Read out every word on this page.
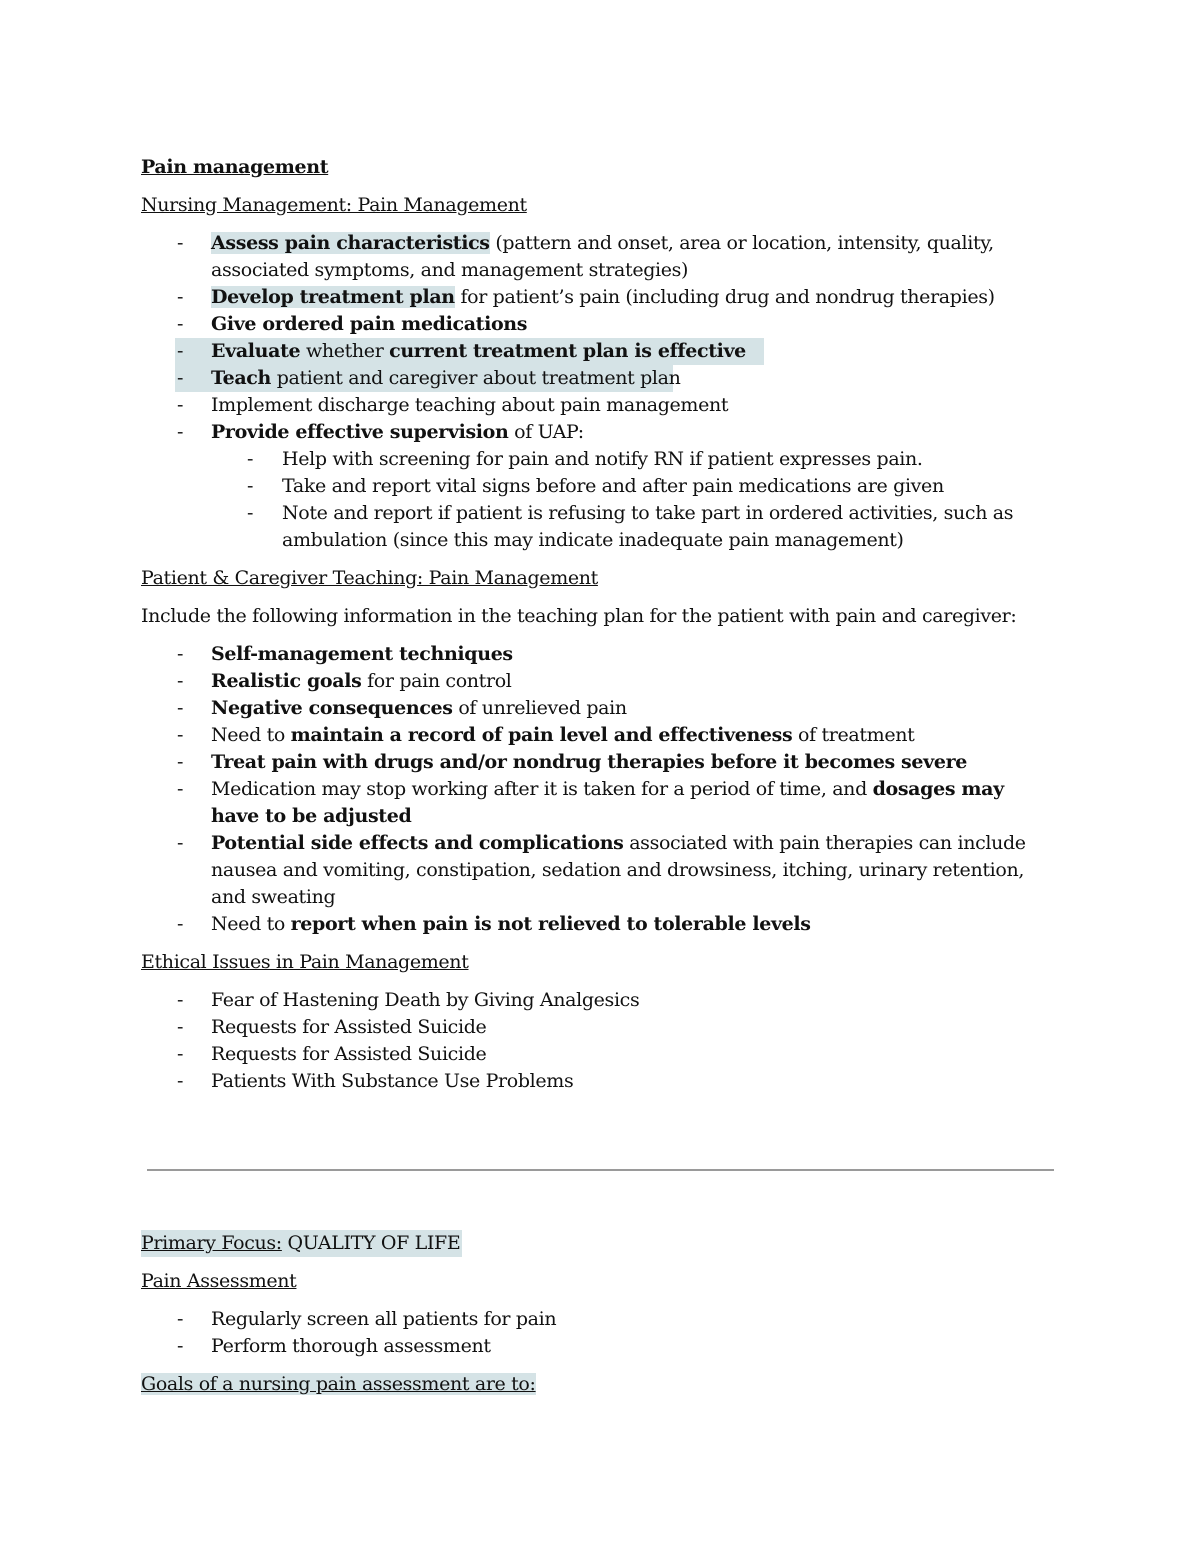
Pain management
Nursing Management: Pain Management
- Assess pain characteristics (pattern and onset, area or location, intensity, quality, associated symptoms, and management strategies)
- Develop treatment plan for patient’s pain (including drug and nondrug therapies)
- Give ordered pain medications
- Evaluate whether current treatment plan is effective
- Teach patient and caregiver about treatment plan
- Implement discharge teaching about pain management
- Provide effective supervision of UAP:
- Help with screening for pain and notify RN if patient expresses pain.
- Take and report vital signs before and after pain medications are given
- Note and report if patient is refusing to take part in ordered activities, such as ambulation (since this may indicate inadequate pain management)
Patient & Caregiver Teaching: Pain Management
Include the following information in the teaching plan for the patient with pain and caregiver:
- Self-management techniques
- Realistic goals for pain control
- Negative consequences of unrelieved pain
- Need to maintain a record of pain level and effectiveness of treatment
- Treat pain with drugs and/or nondrug therapies before it becomes severe
- Medication may stop working after it is taken for a period of time, and dosages may have to be adjusted
- Potential side effects and complications associated with pain therapies can include nausea and vomiting, constipation, sedation and drowsiness, itching, urinary retention, and sweating
- Need to report when pain is not relieved to tolerable levels
Ethical Issues in Pain Management
- Fear of Hastening Death by Giving Analgesics
- Requests for Assisted Suicide
- Requests for Assisted Suicide
- Patients With Substance Use Problems
Primary Focus: QUALITY OF LIFE
Pain Assessment
- Regularly screen all patients for pain
- Perform thorough assessment
Goals of a nursing pain assessment are to:
